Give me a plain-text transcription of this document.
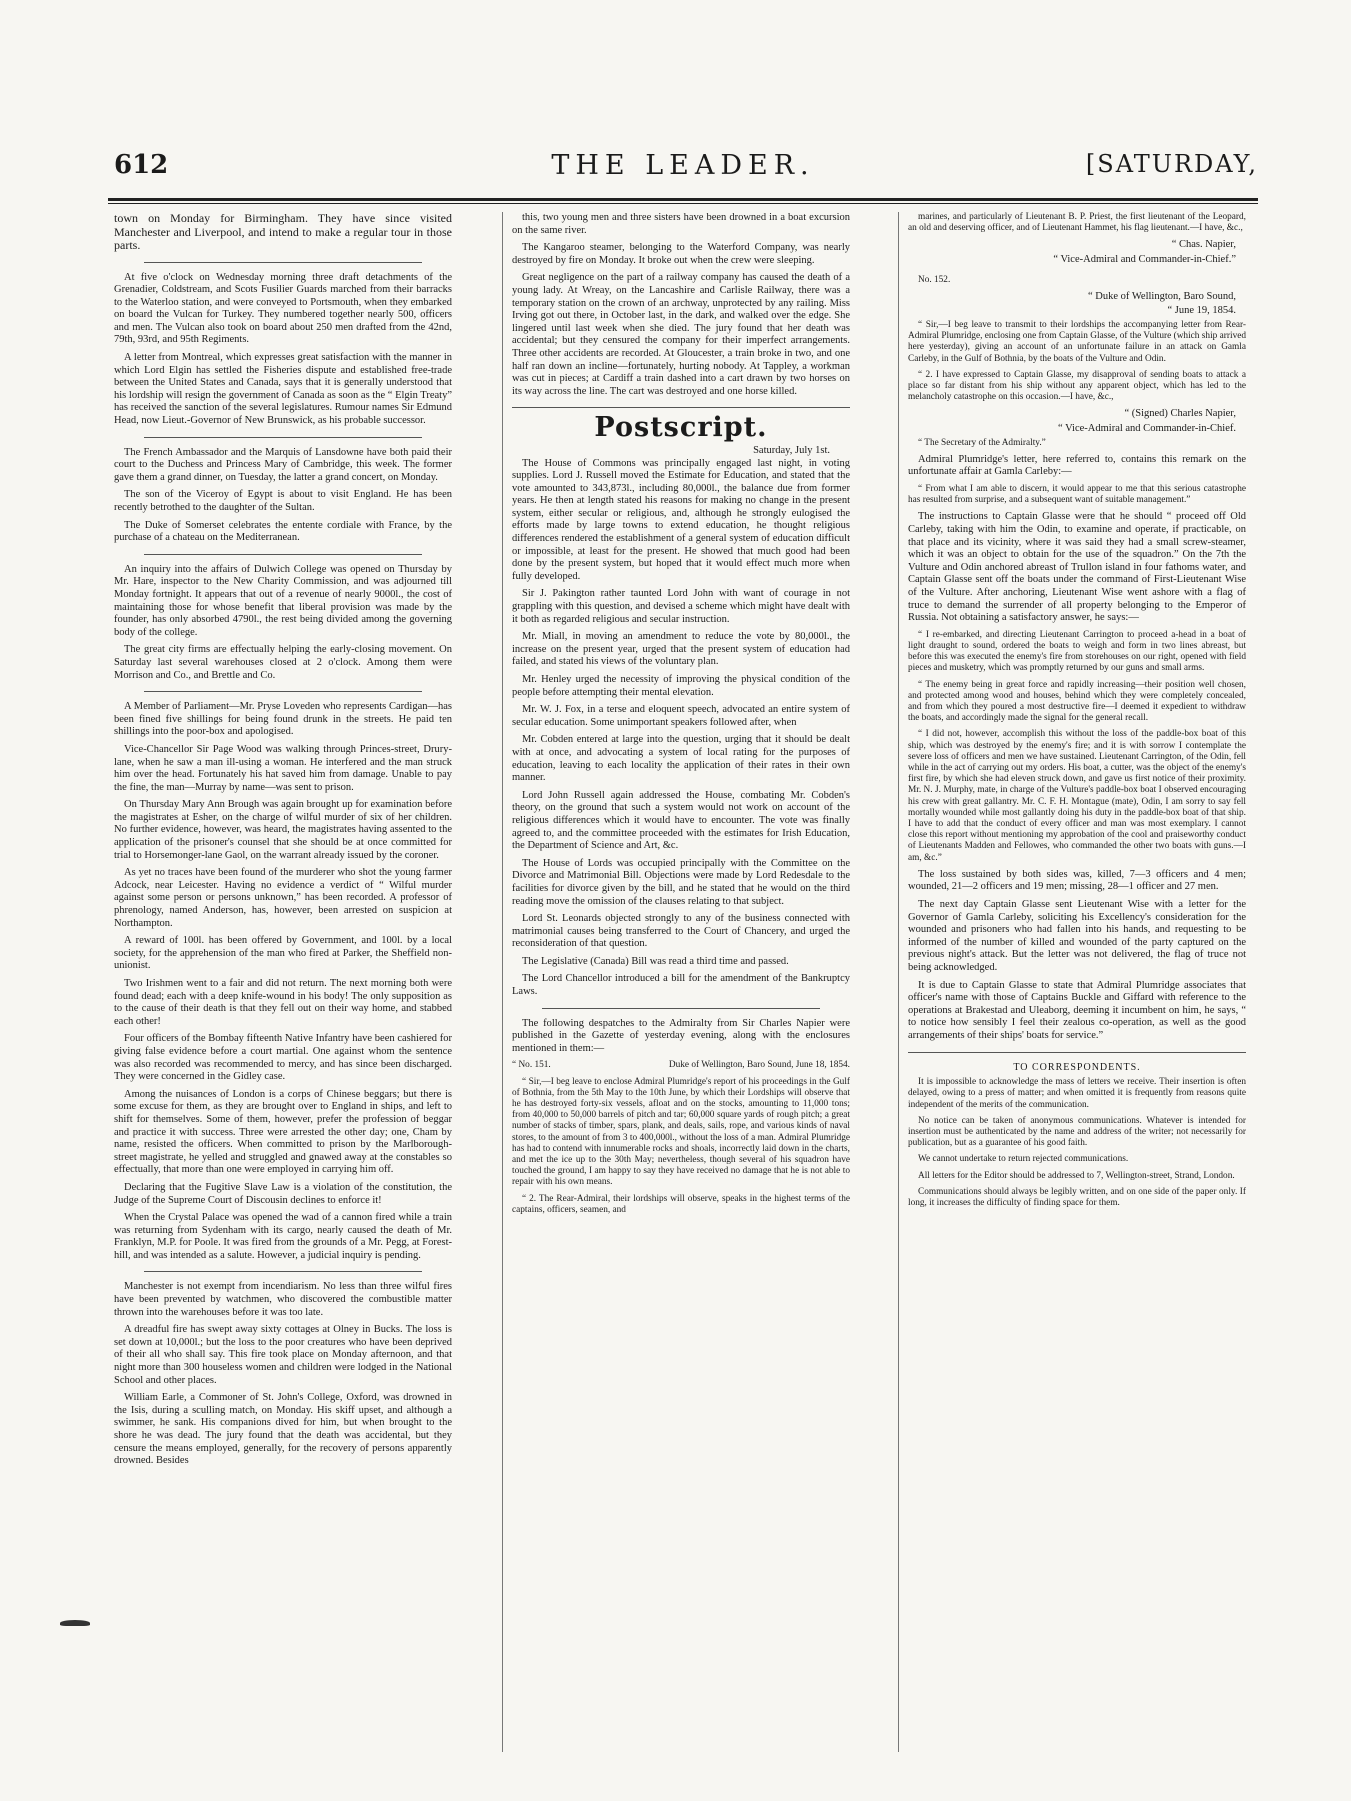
612	THE LEADER.	[SATURDAY,

town on Monday for Birmingham. They have since visited Manchester and Liverpool, and intend to make a regular tour in those parts.

At five o'clock on Wednesday morning three draft detachments of the Grenadier, Coldstream, and Scots Fusilier Guards marched from their barracks to the Waterloo station, and were conveyed to Portsmouth, when they embarked on board the Vulcan for Turkey. They numbered together nearly 500, officers and men. The Vulcan also took on board about 250 men drafted from the 42nd, 79th, 93rd, and 95th Regiments.

A letter from Montreal, which expresses great satisfaction with the manner in which Lord Elgin has settled the Fisheries dispute and established free-trade between the United States and Canada, says that it is generally understood that his lordship will resign the government of Canada as soon as the “ Elgin Treaty” has received the sanction of the several legislatures. Rumour names Sir Edmund Head, now Lieut.-Governor of New Brunswick, as his probable successor.

The French Ambassador and the Marquis of Lansdowne have both paid their court to the Duchess and Princess Mary of Cambridge, this week. The former gave them a grand dinner, on Tuesday, the latter a grand concert, on Monday.

The son of the Viceroy of Egypt is about to visit England. He has been recently betrothed to the daughter of the Sultan.

The Duke of Somerset celebrates the entente cordiale with France, by the purchase of a chateau on the Mediterranean.

An inquiry into the affairs of Dulwich College was opened on Thursday by Mr. Hare, inspector to the New Charity Commission, and was adjourned till Monday fortnight. It appears that out of a revenue of nearly 9000l., the cost of maintaining those for whose benefit that liberal provision was made by the founder, has only absorbed 4790l., the rest being divided among the governing body of the college.

The great city firms are effectually helping the early-closing movement. On Saturday last several warehouses closed at 2 o'clock. Among them were Morrison and Co., and Brettle and Co.

A Member of Parliament—Mr. Pryse Loveden who represents Cardigan—has been fined five shillings for being found drunk in the streets. He paid ten shillings into the poor-box and apologised.

Vice-Chancellor Sir Page Wood was walking through Princes-street, Drury-lane, when he saw a man ill-using a woman. He interfered and the man struck him over the head. Fortunately his hat saved him from damage. Unable to pay the fine, the man—Murray by name—was sent to prison.

On Thursday Mary Ann Brough was again brought up for examination before the magistrates at Esher, on the charge of wilful murder of six of her children. No further evidence, however, was heard, the magistrates having assented to the application of the prisoner's counsel that she should be at once committed for trial to Horsemonger-lane Gaol, on the warrant already issued by the coroner.

As yet no traces have been found of the murderer who shot the young farmer Adcock, near Leicester. Having no evidence a verdict of “ Wilful murder against some person or persons unknown,” has been recorded. A professor of phrenology, named Anderson, has, however, been arrested on suspicion at Northampton.

A reward of 100l. has been offered by Government, and 100l. by a local society, for the apprehension of the man who fired at Parker, the Sheffield non-unionist.

Two Irishmen went to a fair and did not return. The next morning both were found dead; each with a deep knife-wound in his body! The only supposition as to the cause of their death is that they fell out on their way home, and stabbed each other!

Four officers of the Bombay fifteenth Native Infantry have been cashiered for giving false evidence before a court martial. One against whom the sentence was also recorded was recommended to mercy, and has since been discharged. They were concerned in the Gidley case.

Among the nuisances of London is a corps of Chinese beggars; but there is some excuse for them, as they are brought over to England in ships, and left to shift for themselves. Some of them, however, prefer the profession of beggar and practice it with success. Three were arrested the other day; one, Cham by name, resisted the officers. When committed to prison by the Marlborough-street magistrate, he yelled and struggled and gnawed away at the constables so effectually, that more than one were employed in carrying him off.

Declaring that the Fugitive Slave Law is a violation of the constitution, the Judge of the Supreme Court of Discousin declines to enforce it!

When the Crystal Palace was opened the wad of a cannon fired while a train was returning from Sydenham with its cargo, nearly caused the death of Mr. Franklyn, M.P. for Poole. It was fired from the grounds of a Mr. Pegg, at Forest-hill, and was intended as a salute. However, a judicial inquiry is pending.

Manchester is not exempt from incendiarism. No less than three wilful fires have been prevented by watchmen, who discovered the combustible matter thrown into the warehouses before it was too late.

A dreadful fire has swept away sixty cottages at Olney in Bucks. The loss is set down at 10,000l.; but the loss to the poor creatures who have been deprived of their all who shall say. This fire took place on Monday afternoon, and that night more than 300 houseless women and children were lodged in the National School and other places.

William Earle, a Commoner of St. John's College, Oxford, was drowned in the Isis, during a sculling match, on Monday. His skiff upset, and although a swimmer, he sank. His companions dived for him, but when brought to the shore he was dead. The jury found that the death was accidental, but they censure the means employed, generally, for the recovery of persons apparently drowned. Besides

this, two young men and three sisters have been drowned in a boat excursion on the same river.

The Kangaroo steamer, belonging to the Waterford Company, was nearly destroyed by fire on Monday. It broke out when the crew were sleeping.

Great negligence on the part of a railway company has caused the death of a young lady. At Wreay, on the Lancashire and Carlisle Railway, there was a temporary station on the crown of an archway, unprotected by any railing. Miss Irving got out there, in October last, in the dark, and walked over the edge. She lingered until last week when she died. The jury found that her death was accidental; but they censured the company for their imperfect arrangements. Three other accidents are recorded. At Gloucester, a train broke in two, and one half ran down an incline—fortunately, hurting nobody. At Tappley, a workman was cut in pieces; at Cardiff a train dashed into a cart drawn by two horses on its way across the line. The cart was destroyed and one horse killed.

Postscript.
Saturday, July 1st.

The House of Commons was principally engaged last night, in voting supplies. Lord J. Russell moved the Estimate for Education, and stated that the vote amounted to 343,873l., including 80,000l., the balance due from former years. He then at length stated his reasons for making no change in the present system, either secular or religious, and, although he strongly eulogised the efforts made by large towns to extend education, he thought religious differences rendered the establishment of a general system of education difficult or impossible, at least for the present. He showed that much good had been done by the present system, but hoped that it would effect much more when fully developed.

Sir J. Pakington rather taunted Lord John with want of courage in not grappling with this question, and devised a scheme which might have dealt with it both as regarded religious and secular instruction.

Mr. Miall, in moving an amendment to reduce the vote by 80,000l., the increase on the present year, urged that the present system of education had failed, and stated his views of the voluntary plan.

Mr. Henley urged the necessity of improving the physical condition of the people before attempting their mental elevation.

Mr. W. J. Fox, in a terse and eloquent speech, advocated an entire system of secular education. Some unimportant speakers followed after, when

Mr. Cobden entered at large into the question, urging that it should be dealt with at once, and advocating a system of local rating for the purposes of education, leaving to each locality the application of their rates in their own manner.

Lord John Russell again addressed the House, combating Mr. Cobden's theory, on the ground that such a system would not work on account of the religious differences which it would have to encounter. The vote was finally agreed to, and the committee proceeded with the estimates for Irish Education, the Department of Science and Art, &c.

The House of Lords was occupied principally with the Committee on the Divorce and Matrimonial Bill. Objections were made by Lord Redesdale to the facilities for divorce given by the bill, and he stated that he would on the third reading move the omission of the clauses relating to that subject.

Lord St. Leonards objected strongly to any of the business connected with matrimonial causes being transferred to the Court of Chancery, and urged the reconsideration of that question.

The Legislative (Canada) Bill was read a third time and passed.

The Lord Chancellor introduced a bill for the amendment of the Bankruptcy Laws.

The following despatches to the Admiralty from Sir Charles Napier were published in the Gazette of yesterday evening, along with the enclosures mentioned in them:—

“ No. 151.	Duke of Wellington, Baro Sound, June 18, 1854.

“ Sir,—I beg leave to enclose Admiral Plumridge's report of his proceedings in the Gulf of Bothnia, from the 5th May to the 10th June, by which their Lordships will observe that he has destroyed forty-six vessels, afloat and on the stocks, amounting to 11,000 tons; from 40,000 to 50,000 barrels of pitch and tar; 60,000 square yards of rough pitch; a great number of stacks of timber, spars, plank, and deals, sails, rope, and various kinds of naval stores, to the amount of from 3 to 400,000l., without the loss of a man. Admiral Plumridge has had to contend with innumerable rocks and shoals, incorrectly laid down in the charts, and met the ice up to the 30th May; nevertheless, though several of his squadron have touched the ground, I am happy to say they have received no damage that he is not able to repair with his own means.

“ 2. The Rear-Admiral, their lordships will observe, speaks in the highest terms of the captains, officers, seamen, and

marines, and particularly of Lieutenant B. P. Priest, the first lieutenant of the Leopard, an old and deserving officer, and of Lieutenant Hammet, his flag lieutenant.—I have, &c.,

“ Chas. Napier,
“ Vice-Admiral and Commander-in-Chief.”

No. 152.

“ Duke of Wellington, Baro Sound,
“ June 19, 1854.

“ Sir,—I beg leave to transmit to their lordships the accompanying letter from Rear-Admiral Plumridge, enclosing one from Captain Glasse, of the Vulture (which ship arrived here yesterday), giving an account of an unfortunate failure in an attack on Gamla Carleby, in the Gulf of Bothnia, by the boats of the Vulture and Odin.

“ 2. I have expressed to Captain Glasse, my disapproval of sending boats to attack a place so far distant from his ship without any apparent object, which has led to the melancholy catastrophe on this occasion.—I have, &c.,

“ (Signed) Charles Napier,
“ Vice-Admiral and Commander-in-Chief.

“ The Secretary of the Admiralty.”

Admiral Plumridge's letter, here referred to, contains this remark on the unfortunate affair at Gamla Carleby:—

“ From what I am able to discern, it would appear to me that this serious catastrophe has resulted from surprise, and a subsequent want of suitable management.”

The instructions to Captain Glasse were that he should “ proceed off Old Carleby, taking with him the Odin, to examine and operate, if practicable, on that place and its vicinity, where it was said they had a small screw-steamer, which it was an object to obtain for the use of the squadron.” On the 7th the Vulture and Odin anchored abreast of Trullon island in four fathoms water, and Captain Glasse sent off the boats under the command of First-Lieutenant Wise of the Vulture. After anchoring, Lieutenant Wise went ashore with a flag of truce to demand the surrender of all property belonging to the Emperor of Russia. Not obtaining a satisfactory answer, he says:—

“ I re-embarked, and directing Lieutenant Carrington to proceed a-head in a boat of light draught to sound, ordered the boats to weigh and form in two lines abreast, but before this was executed the enemy's fire from storehouses on our right, opened with field pieces and musketry, which was promptly returned by our guns and small arms.

“ The enemy being in great force and rapidly increasing—their position well chosen, and protected among wood and houses, behind which they were completely concealed, and from which they poured a most destructive fire—I deemed it expedient to withdraw the boats, and accordingly made the signal for the general recall.

“ I did not, however, accomplish this without the loss of the paddle-box boat of this ship, which was destroyed by the enemy's fire; and it is with sorrow I contemplate the severe loss of officers and men we have sustained. Lieutenant Carrington, of the Odin, fell while in the act of carrying out my orders. His boat, a cutter, was the object of the enemy's first fire, by which she had eleven struck down, and gave us first notice of their proximity. Mr. N. J. Murphy, mate, in charge of the Vulture's paddle-box boat I observed encouraging his crew with great gallantry. Mr. C. F. H. Montague (mate), Odin, I am sorry to say fell mortally wounded while most gallantly doing his duty in the paddle-box boat of that ship. I have to add that the conduct of every officer and man was most exemplary. I cannot close this report without mentioning my approbation of the cool and praiseworthy conduct of Lieutenants Madden and Fellowes, who commanded the other two boats with guns.—I am, &c.”

The loss sustained by both sides was, killed, 7—3 officers and 4 men; wounded, 21—2 officers and 19 men; missing, 28—1 officer and 27 men.

The next day Captain Glasse sent Lieutenant Wise with a letter for the Governor of Gamla Carleby, soliciting his Excellency's consideration for the wounded and prisoners who had fallen into his hands, and requesting to be informed of the number of killed and wounded of the party captured on the previous night's attack. But the letter was not delivered, the flag of truce not being acknowledged.

It is due to Captain Glasse to state that Admiral Plumridge associates that officer's name with those of Captains Buckle and Giffard with reference to the operations at Brakestad and Uleaborg, deeming it incumbent on him, he says, “ to notice how sensibly I feel their zealous co-operation, as well as the good arrangements of their ships' boats for service.”

TO CORRESPONDENTS.

It is impossible to acknowledge the mass of letters we receive. Their insertion is often delayed, owing to a press of matter; and when omitted it is frequently from reasons quite independent of the merits of the communication.

No notice can be taken of anonymous communications. Whatever is intended for insertion must be authenticated by the name and address of the writer; not necessarily for publication, but as a guarantee of his good faith.

We cannot undertake to return rejected communications.

All letters for the Editor should be addressed to 7, Wellington-street, Strand, London.

Communications should always be legibly written, and on one side of the paper only. If long, it increases the difficulty of finding space for them.
